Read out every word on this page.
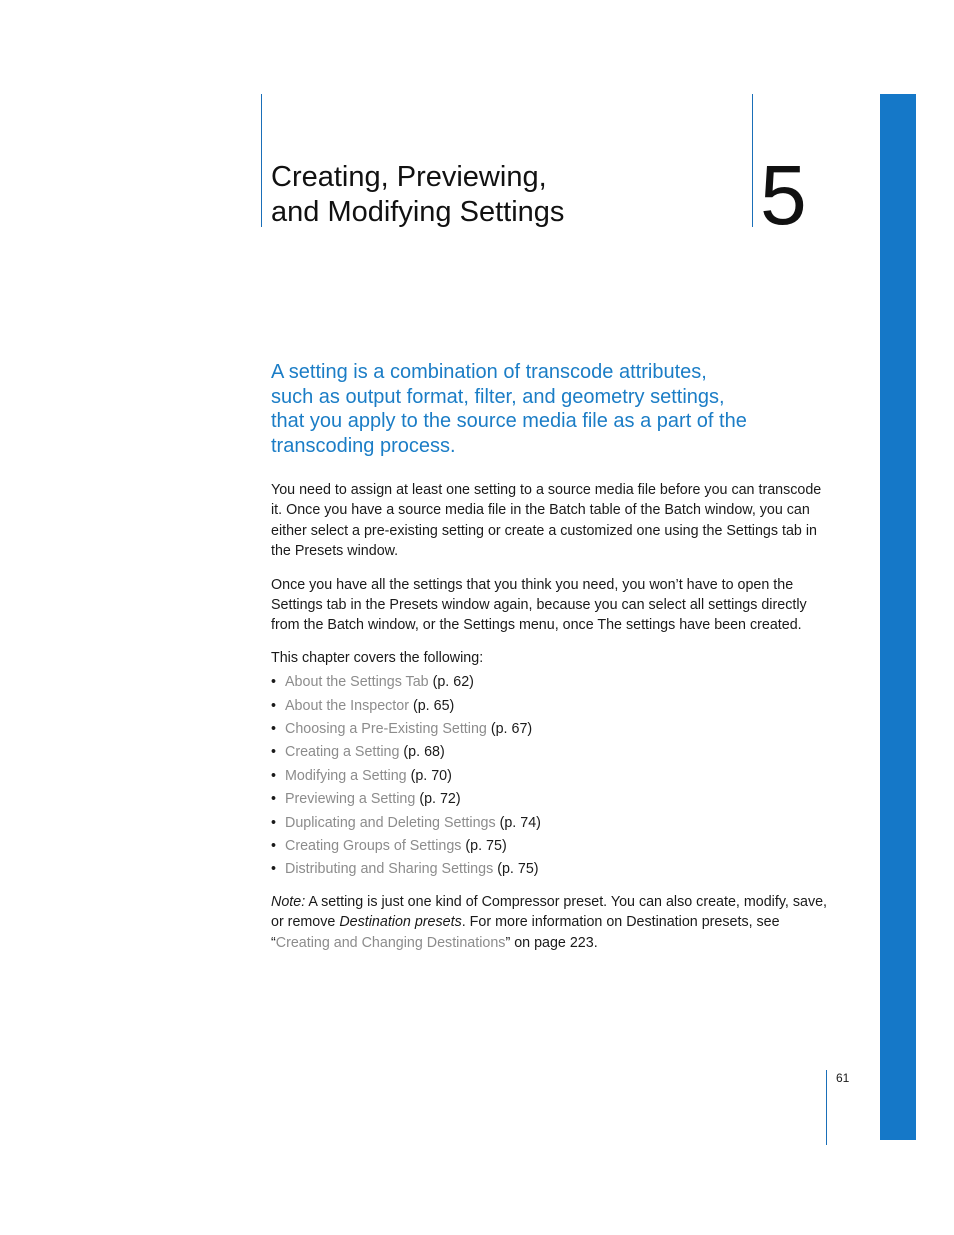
Creating, Previewing,
and Modifying Settings	5

A setting is a combination of transcode attributes,
such as output format, filter, and geometry settings,
that you apply to the source media file as a part of the
transcoding process.

You need to assign at least one setting to a source media file before you can transcode it. Once you have a source media file in the Batch table of the Batch window, you can either select a pre-existing setting or create a customized one using the Settings tab in the Presets window.

Once you have all the settings that you think you need, you won’t have to open the Settings tab in the Presets window again, because you can select all settings directly from the Batch window, or the Settings menu, once The settings have been created.

This chapter covers the following:

• About the Settings Tab (p. 62)
• About the Inspector (p. 65)
• Choosing a Pre-Existing Setting (p. 67)
• Creating a Setting (p. 68)
• Modifying a Setting (p. 70)
• Previewing a Setting (p. 72)
• Duplicating and Deleting Settings (p. 74)
• Creating Groups of Settings (p. 75)
• Distributing and Sharing Settings (p. 75)

Note: A setting is just one kind of Compressor preset. You can also create, modify, save, or remove Destination presets. For more information on Destination presets, see “Creating and Changing Destinations” on page 223.

61
